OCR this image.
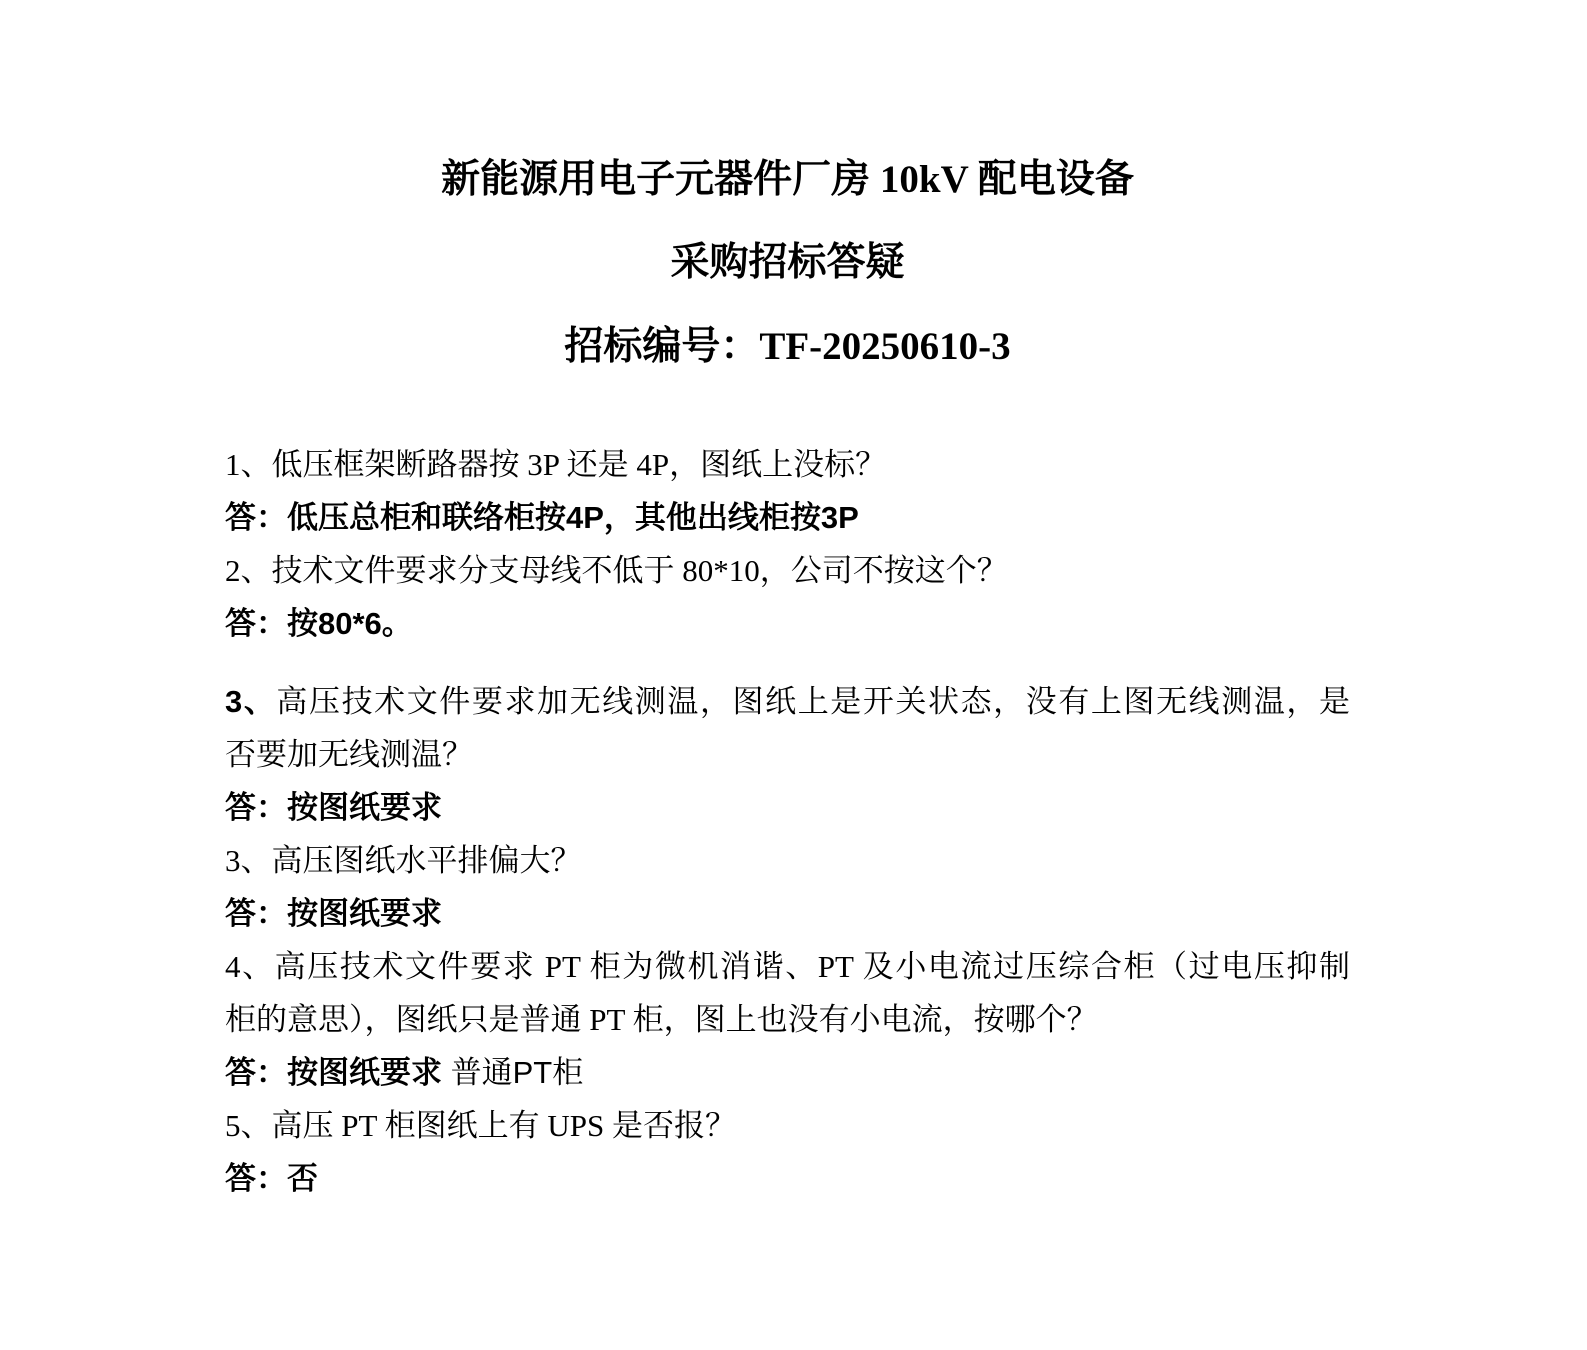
新能源用电子元器件厂房 10kV 配电设备
采购招标答疑
招标编号：TF-20250610-3
1、低压框架断路器按 3P 还是 4P，图纸上没标？
答：低压总柜和联络柜按4P，其他出线柜按3P
2、技术文件要求分支母线不低于 80*10，公司不按这个？
答：按80*6。
3、高压技术文件要求加无线测温，图纸上是开关状态，没有上图无线测温，是
否要加无线测温？
答：按图纸要求
3、高压图纸水平排偏大？
答：按图纸要求
4、高压技术文件要求 PT 柜为微机消谐、PT 及小电流过压综合柜（过电压抑制
柜的意思），图纸只是普通 PT 柜，图上也没有小电流，按哪个？
答：按图纸要求 普通PT柜
5、高压 PT 柜图纸上有 UPS 是否报？
答：否
